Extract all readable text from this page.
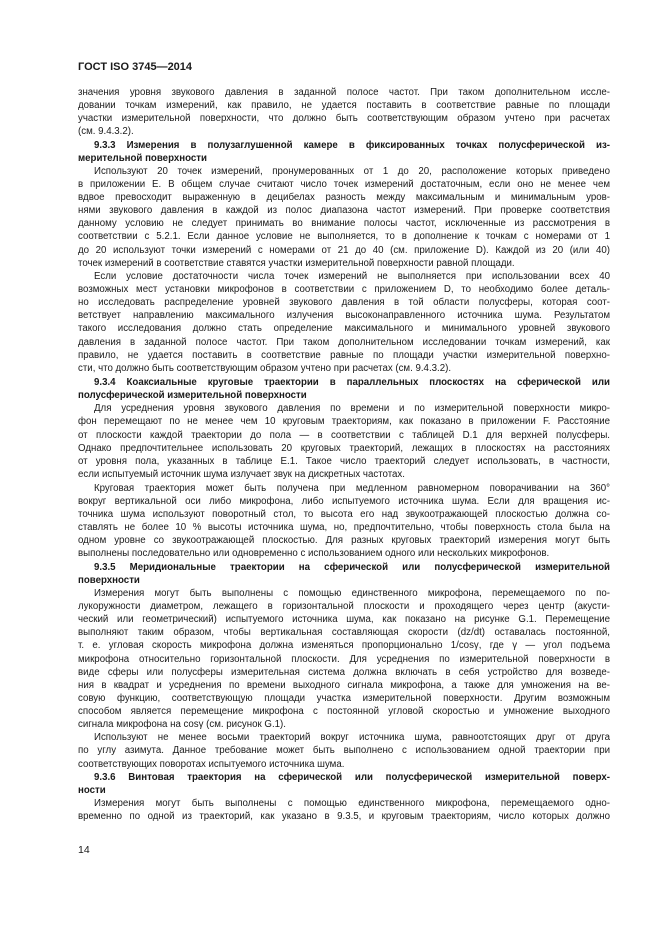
ГОСТ ISO 3745—2014
значения уровня звукового давления в заданной полосе частот. При таком дополнительном иссле-
довании точкам измерений, как правило, не удается поставить в соответствие равные по площади
участки измерительной поверхности, что должно быть соответствующим образом учтено при расчетах
(см. 9.4.3.2).
9.3.3 Измерения в полузаглушенной камере в фиксированных точках полусферической из-
мерительной поверхности
Используют 20 точек измерений, пронумерованных от 1 до 20, расположение которых приведено
в приложении Е. В общем случае считают число точек измерений достаточным, если оно не менее чем
вдвое превосходит выраженную в децибелах разность между максимальным и минимальным уров-
нями звукового давления в каждой из полос диапазона частот измерений. При проверке соответствия
данному условию не следует принимать во внимание полосы частот, исключенные из рассмотрения в
соответствии с 5.2.1. Если данное условие не выполняется, то в дополнение к точкам с номерами от 1
до 20 используют точки измерений с номерами от 21 до 40 (см. приложение D). Каждой из 20 (или 40)
точек измерений в соответствие ставятся участки измерительной поверхности равной площади.
Если условие достаточности числа точек измерений не выполняется при использовании всех 40
возможных мест установки микрофонов в соответствии с приложением D, то необходимо более деталь-
но исследовать распределение уровней звукового давления в той области полусферы, которая соот-
ветствует направлению максимального излучения высоконаправленного источника шума. Результатом
такого исследования должно стать определение максимального и минимального уровней звукового
давления в заданной полосе частот. При таком дополнительном исследовании точкам измерений, как
правило, не удается поставить в соответствие равные по площади участки измерительной поверхно-
сти, что должно быть соответствующим образом учтено при расчетах (см. 9.4.3.2).
9.3.4 Коаксиальные круговые траектории в параллельных плоскостях на сферической или
полусферической измерительной поверхности
Для усреднения уровня звукового давления по времени и по измерительной поверхности микро-
фон перемещают по не менее чем 10 круговым траекториям, как показано в приложении F. Расстояние
от плоскости каждой траектории до пола — в соответствии с таблицей D.1 для верхней полусферы.
Однако предпочтительнее использовать 20 круговых траекторий, лежащих в плоскостях на расстояниях
от уровня пола, указанных в таблице Е.1. Такое число траекторий следует использовать, в частности,
если испытуемый источник шума излучает звук на дискретных частотах.
Круговая траектория может быть получена при медленном равномерном поворачивании на 360°
вокруг вертикальной оси либо микрофона, либо испытуемого источника шума. Если для вращения ис-
точника шума используют поворотный стол, то высота его над звукоотражающей плоскостью должна со-
ставлять не более 10 % высоты источника шума, но, предпочтительно, чтобы поверхность стола была на
одном уровне со звукоотражающей плоскостью. Для разных круговых траекторий измерения могут быть
выполнены последовательно или одновременно с использованием одного или нескольких микрофонов.
9.3.5 Меридиональные траектории на сферической или полусферической измерительной
поверхности
Измерения могут быть выполнены с помощью единственного микрофона, перемещаемого по по-
лукоружности диаметром, лежащего в горизонтальной плоскости и проходящего через центр (акусти-
ческий или геометрический) испытуемого источника шума, как показано на рисунке G.1. Перемещение
выполняют таким образом, чтобы вертикальная составляющая скорости (dz/dt) оставалась постоянной,
т. е. угловая скорость микрофона должна изменяться пропорционально 1/cosγ, где γ — угол подъема
микрофона относительно горизонтальной плоскости. Для усреднения по измерительной поверхности в
виде сферы или полусферы измерительная система должна включать в себя устройство для возведе-
ния в квадрат и усреднения по времени выходного сигнала микрофона, а также для умножения на ве-
совую функцию, соответствующую площади участка измерительной поверхности. Другим возможным
способом является перемещение микрофона с постоянной угловой скоростью и умножение выходного
сигнала микрофона на cosγ (см. рисунок G.1).
Используют не менее восьми траекторий вокруг источника шума, равноотстоящих друг от друга
по углу азимута. Данное требование может быть выполнено с использованием одной траектории при
соответствующих поворотах испытуемого источника шума.
9.3.6 Винтовая траектория на сферической или полусферической измерительной поверх-
ности
Измерения могут быть выполнены с помощью единственного микрофона, перемещаемого одно-
временно по одной из траекторий, как указано в 9.3.5, и круговым траекториям, число которых должно
14
